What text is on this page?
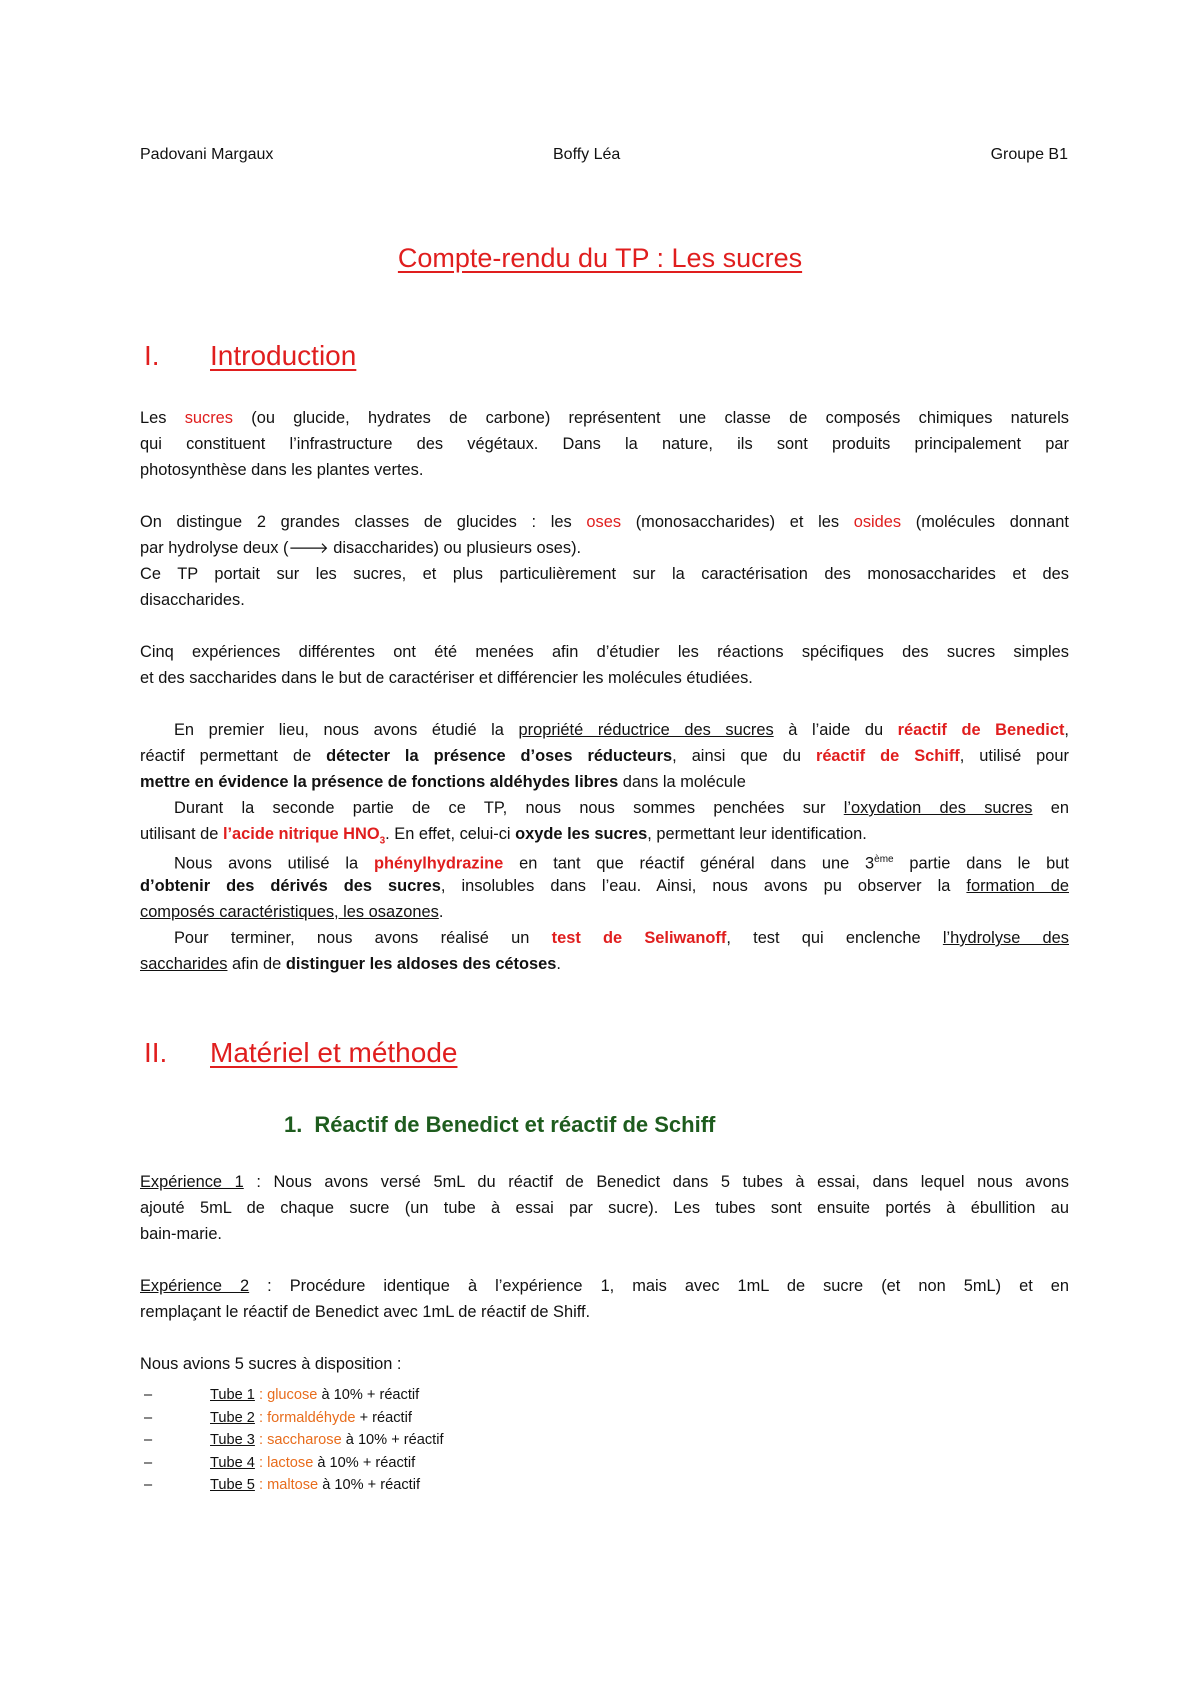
Padovani Margaux	Boffy Léa	Groupe B1
Compte-rendu du TP : Les sucres
I. Introduction
Les sucres (ou glucide, hydrates de carbone) représentent une classe de composés chimiques naturels
qui constituent l’infrastructure des végétaux. Dans la nature, ils sont produits principalement par
photosynthèse dans les plantes vertes.
On distingue 2 grandes classes de glucides : les oses (monosaccharides) et les osides (molécules donnant
par hydrolyse deux (🡒 disaccharides) ou plusieurs oses).
Ce TP portait sur les sucres, et plus particulièrement sur la caractérisation des monosaccharides et des
disaccharides.
Cinq expériences différentes ont été menées afin d’étudier les réactions spécifiques des sucres simples
et des saccharides dans le but de caractériser et différencier les molécules étudiées.
En premier lieu, nous avons étudié la propriété réductrice des sucres à l’aide du réactif de Benedict,
réactif permettant de détecter la présence d’oses réducteurs, ainsi que du réactif de Schiff, utilisé pour
mettre en évidence la présence de fonctions aldéhydes libres dans la molécule
Durant la seconde partie de ce TP, nous nous sommes penchées sur l’oxydation des sucres en
utilisant de l’acide nitrique $HNO_3$. En effet, celui-ci oxyde les sucres, permettant leur identification.
Nous avons utilisé la phénylhydrazine en tant que réactif général dans une 3ème partie dans le but
d’obtenir des dérivés des sucres, insolubles dans l’eau. Ainsi, nous avons pu observer la formation de
composés caractéristiques, les osazones.
Pour terminer, nous avons réalisé un test de Seliwanoff, test qui enclenche l’hydrolyse des
saccharides afin de distinguer les aldoses des cétoses.
II. Matériel et méthode
1. Réactif de Benedict et réactif de Schiff
Expérience 1 : Nous avons versé 5mL du réactif de Benedict dans 5 tubes à essai, dans lequel nous avons
ajouté 5mL de chaque sucre (un tube à essai par sucre). Les tubes sont ensuite portés à ébullition au
bain-marie.
Expérience 2 : Procédure identique à l’expérience 1, mais avec 1mL de sucre (et non 5mL) et en
remplaçant le réactif de Benedict avec 1mL de réactif de Shiff.
Nous avions 5 sucres à disposition :
–	Tube 1 : glucose à 10% + réactif
–	Tube 2 : formaldéhyde + réactif
–	Tube 3 : saccharose à 10% + réactif
–	Tube 4 : lactose à 10% + réactif
–	Tube 5 : maltose à 10% + réactif
